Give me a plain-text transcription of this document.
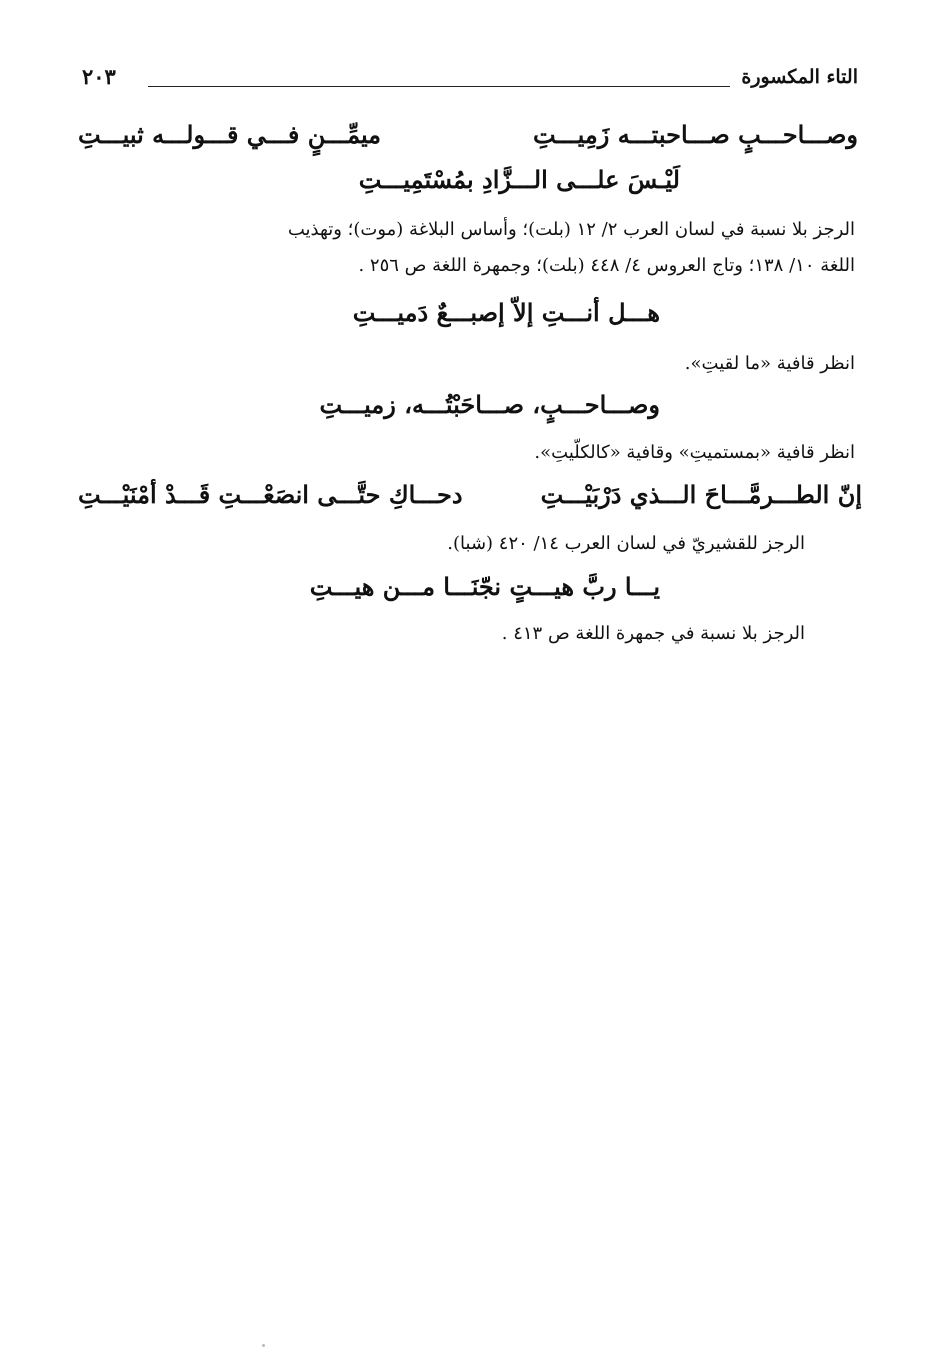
التاء المكسورة
٢٠٣
وصـــاحـــبٍ صـــاحبتـــه زَمِيـــتِ
ميمِّـــنٍ فـــي قـــولـــه ثبيـــتِ
لَيْـسَ علـــى الـــزَّادِ بمُسْتَمِيـــتِ
الرجز بلا نسبة في لسان العرب ٢/ ١٢ (بلت)؛ وأساس البلاغة (موت)؛ وتهذيب
اللغة ١٠/ ١٣٨؛ وتاج العروس ٤/ ٤٤٨ (بلت)؛ وجمهرة اللغة ص ٢٥٦ .
هـــل أنـــتِ إلاّ إصبـــعٌ دَميـــتِ
انظر قافية «ما لقيتِ».
وصـــاحـــبٍ، صـــاحَبْتُـــه، زميـــتِ
انظر قافية «بمستميتِ» وقافية «كالكلّيتِ».
إنّ الطـــرمَّـــاحَ الـــذي دَرْبَيْـــتِ
دحـــاكِ حتَّـــى انصَعْـــتِ قَـــدْ أمْنَيْـــتِ
الرجز للقشيريّ في لسان العرب ١٤/ ٤٢٠ (شبا).
يـــا ربَّ هيـــتٍ نجّنَـــا مـــن هيـــتِ
الرجز بلا نسبة في جمهرة اللغة ص ٤١٣ .
